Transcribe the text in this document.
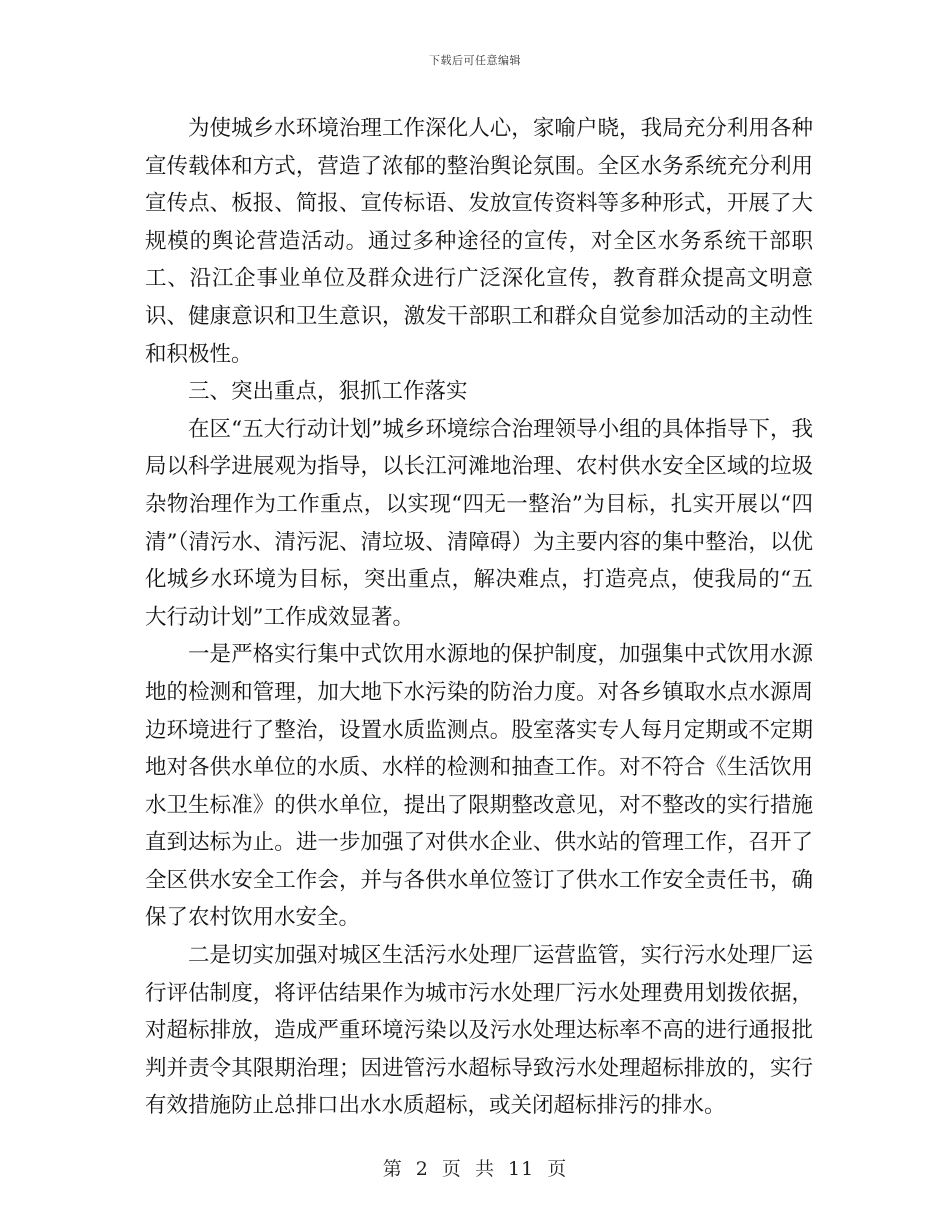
下载后可任意编辑

为使城乡水环境治理工作深化人心，家喻户晓，我局充分利用各种宣传载体和方式，营造了浓郁的整治舆论氛围。全区水务系统充分利用宣传点、板报、简报、宣传标语、发放宣传资料等多种形式，开展了大规模的舆论营造活动。通过多种途径的宣传，对全区水务系统干部职工、沿江企事业单位及群众进行广泛深化宣传，教育群众提高文明意识、健康意识和卫生意识，激发干部职工和群众自觉参加活动的主动性和积极性。

三、突出重点，狠抓工作落实

在区“五大行动计划”城乡环境综合治理领导小组的具体指导下，我局以科学进展观为指导，以长江河滩地治理、农村供水安全区域的垃圾杂物治理作为工作重点，以实现“四无一整治”为目标，扎实开展以“四清”（清污水、清污泥、清垃圾、清障碍）为主要内容的集中整治，以优化城乡水环境为目标，突出重点，解决难点，打造亮点，使我局的“五大行动计划”工作成效显著。

一是严格实行集中式饮用水源地的保护制度，加强集中式饮用水源地的检测和管理，加大地下水污染的防治力度。对各乡镇取水点水源周边环境进行了整治，设置水质监测点。股室落实专人每月定期或不定期地对各供水单位的水质、水样的检测和抽查工作。对不符合《生活饮用水卫生标准》的供水单位，提出了限期整改意见，对不整改的实行措施直到达标为止。进一步加强了对供水企业、供水站的管理工作，召开了全区供水安全工作会，并与各供水单位签订了供水工作安全责任书，确保了农村饮用水安全。

二是切实加强对城区生活污水处理厂运营监管，实行污水处理厂运行评估制度，将评估结果作为城市污水处理厂污水处理费用划拨依据，对超标排放，造成严重环境污染以及污水处理达标率不高的进行通报批判并责令其限期治理；因进管污水超标导致污水处理超标排放的，实行有效措施防止总排口出水水质超标，或关闭超标排污的排水。

第 2 页 共 11 页
